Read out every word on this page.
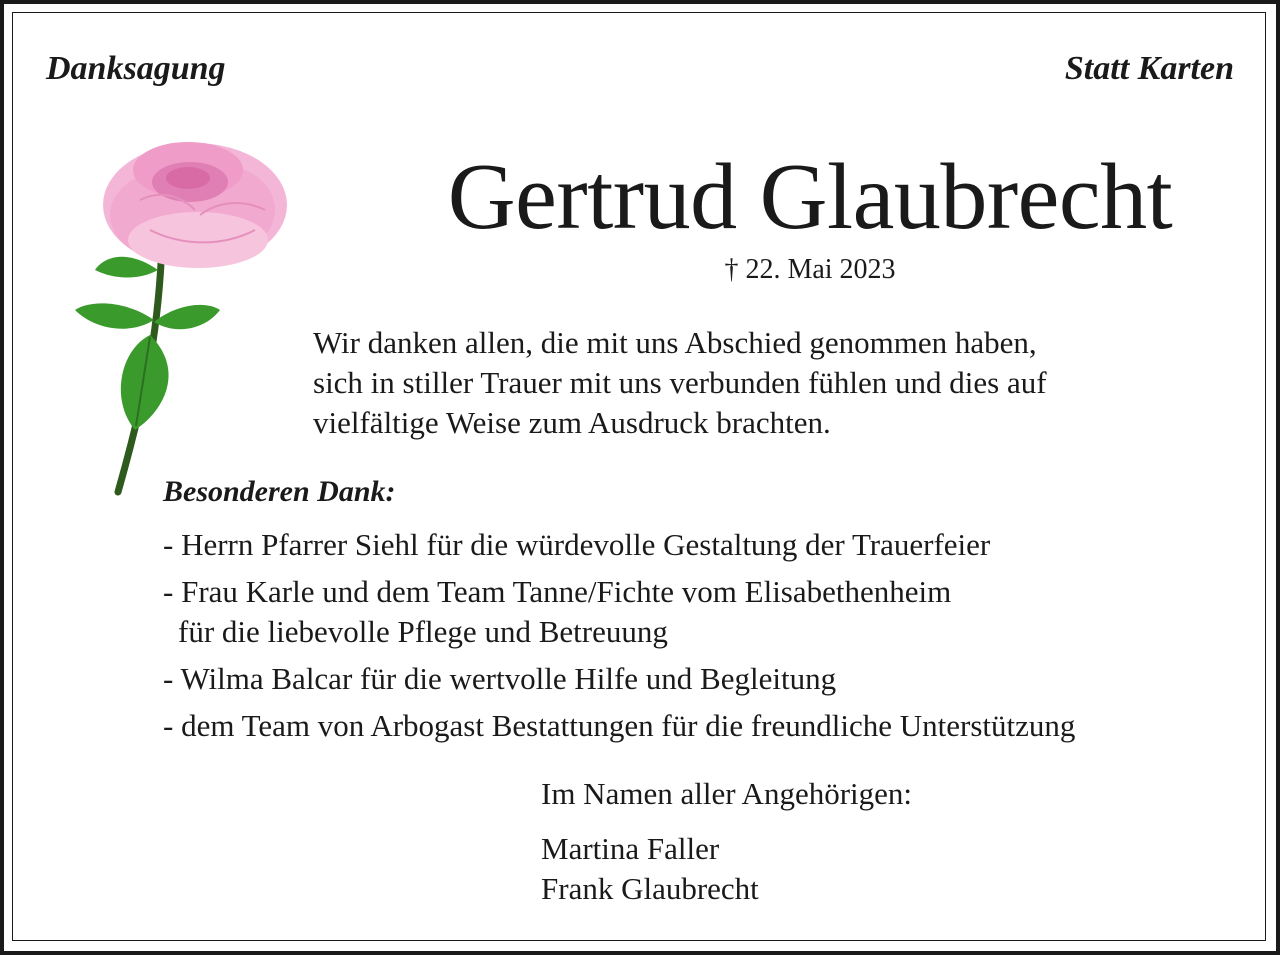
Danksagung	Statt Karten
Gertrud Glaubrecht
† 22. Mai 2023
Wir danken allen, die mit uns Abschied genommen haben,
sich in stiller Trauer mit uns verbunden fühlen und dies auf
vielfältige Weise zum Ausdruck brachten.
Besonderen Dank:
- Herrn Pfarrer Siehl für die würdevolle Gestaltung der Trauerfeier
- Frau Karle und dem Team Tanne/Fichte vom Elisabethenheim
für die liebevolle Pflege und Betreuung
- Wilma Balcar für die wertvolle Hilfe und Begleitung
- dem Team von Arbogast Bestattungen für die freundliche Unterstützung
Im Namen aller Angehörigen:
Martina Faller
Frank Glaubrecht
